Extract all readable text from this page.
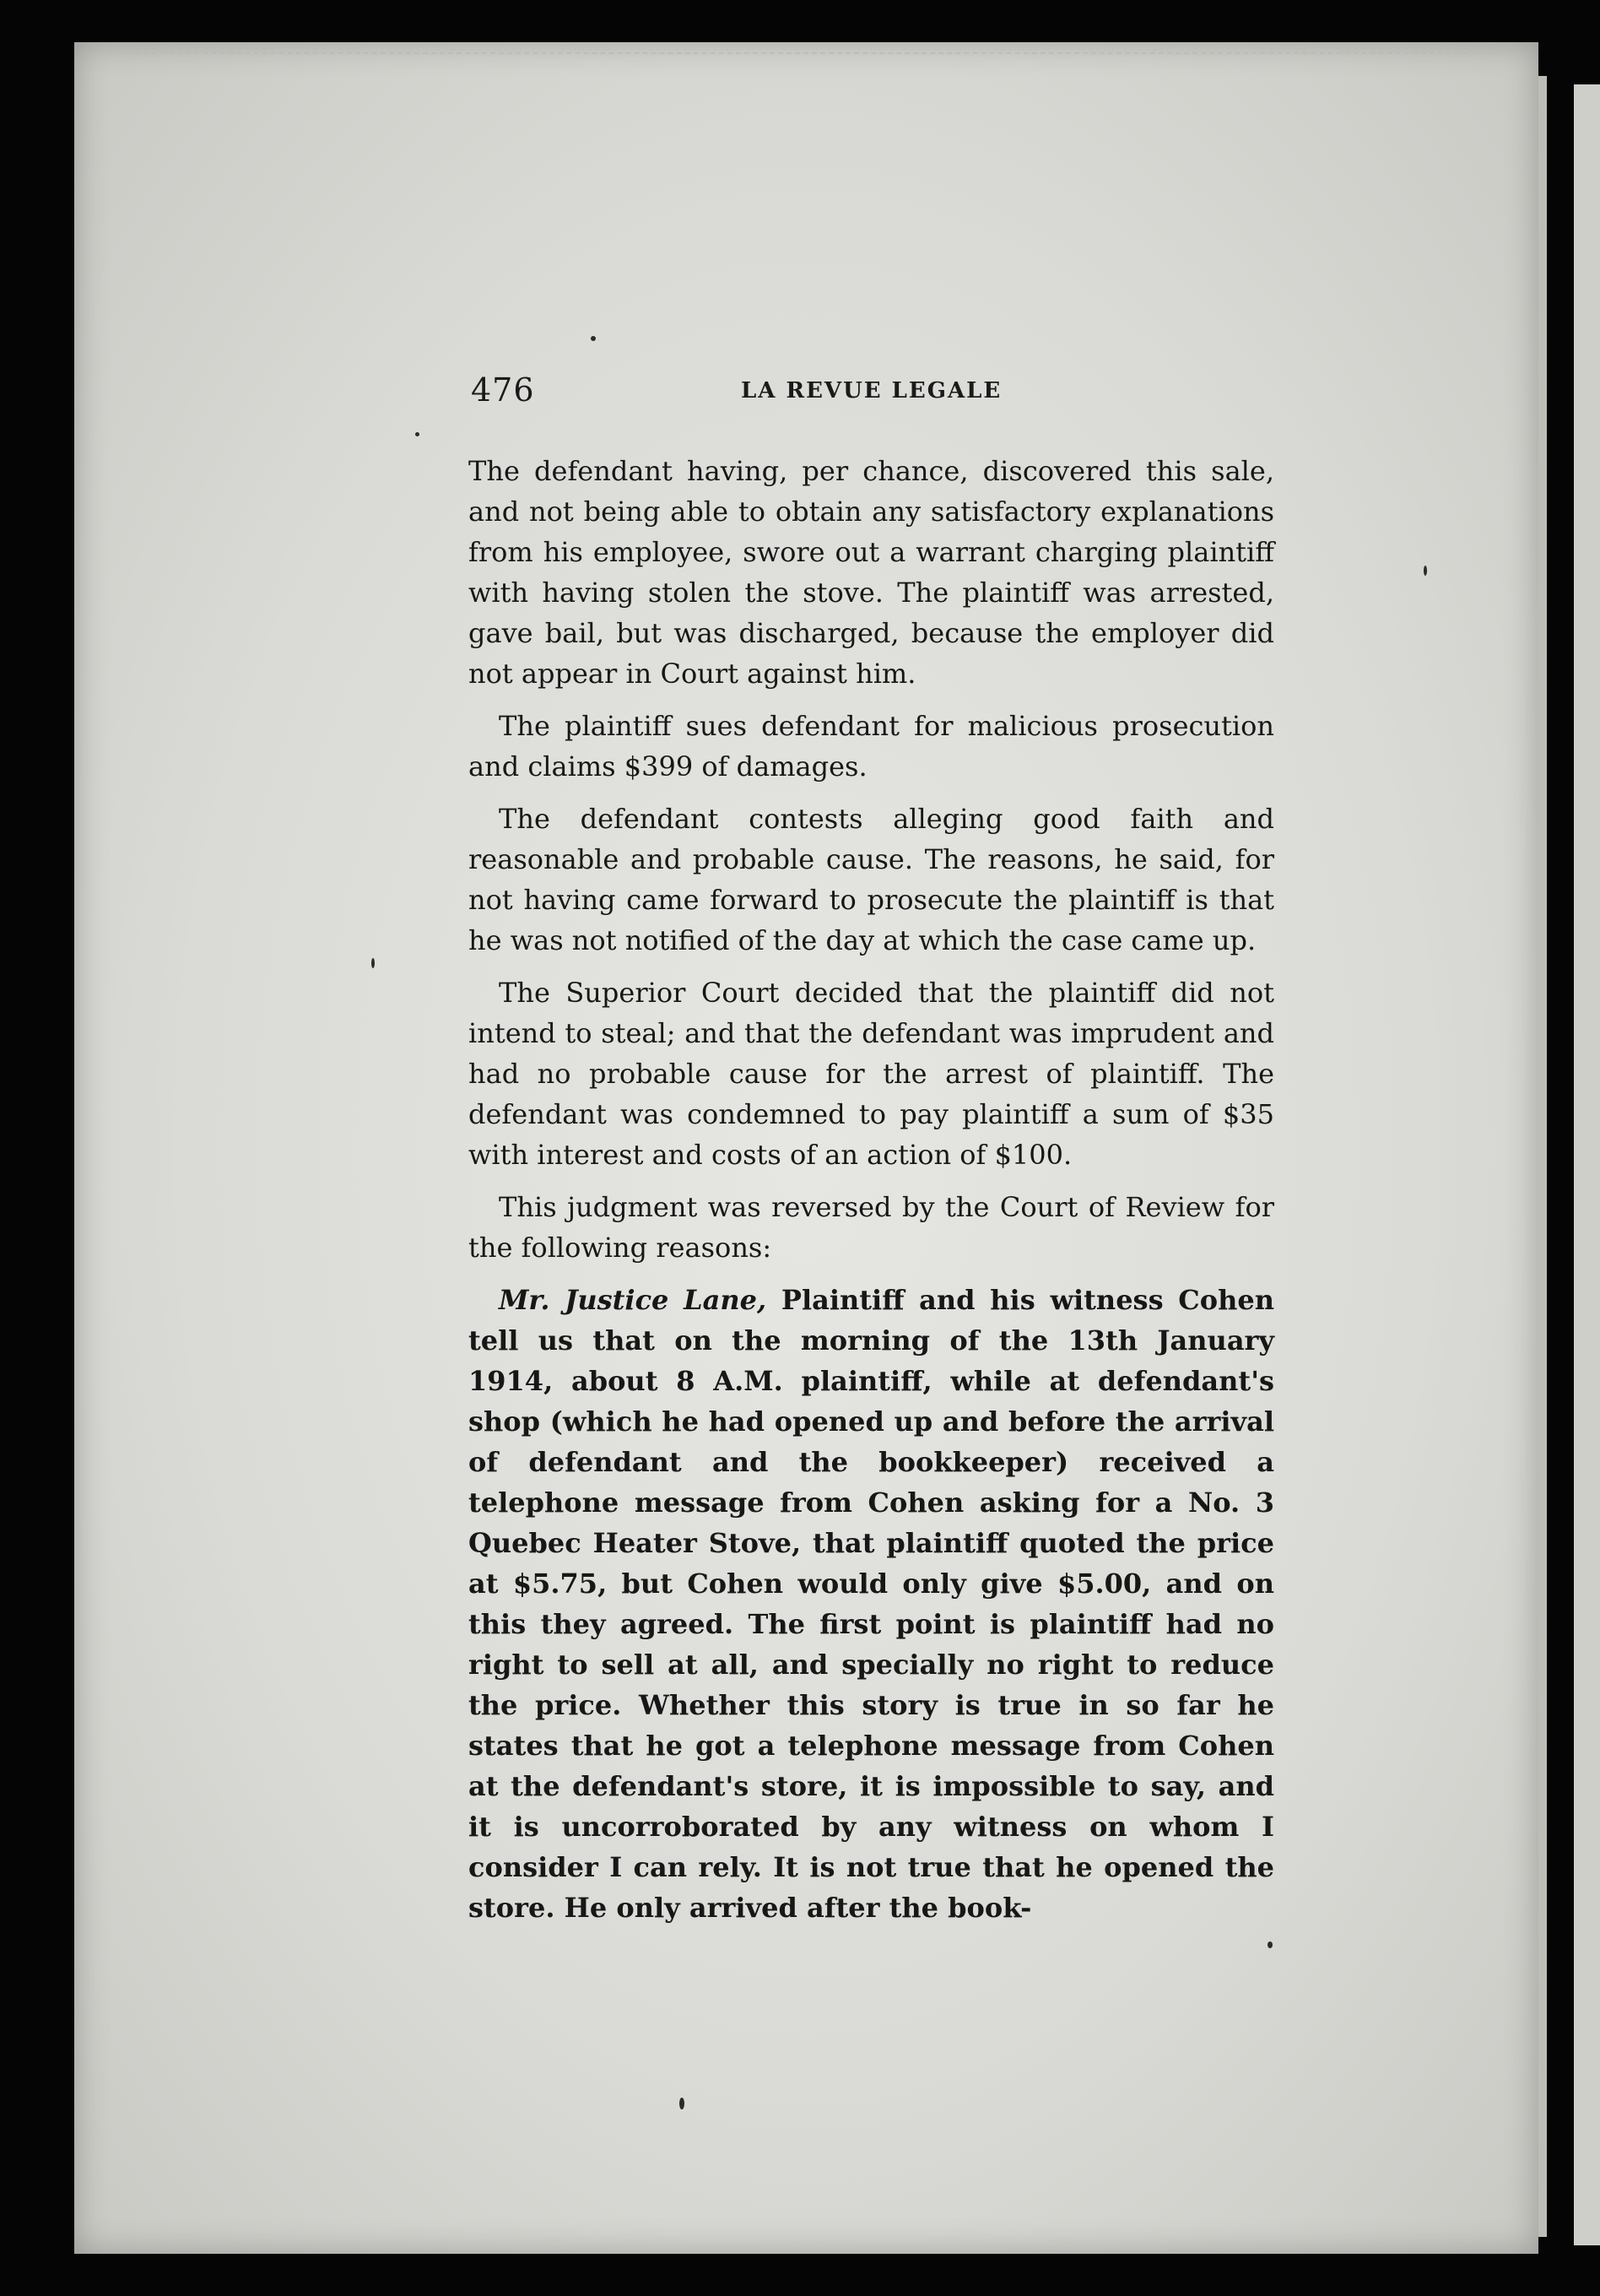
476	LA REVUE LEGALE

The defendant having, per chance, discovered this sale, and not being able to obtain any satisfactory explanations from his employee, swore out a warrant charging plaintiff with having stolen the stove. The plaintiff was arrested, gave bail, but was discharged, because the employer did not appear in Court against him.

The plaintiff sues defendant for malicious prosecution and claims $399 of damages.

The defendant contests alleging good faith and reasonable and probable cause. The reasons, he said, for not having came forward to prosecute the plaintiff is that he was not notified of the day at which the case came up.

The Superior Court decided that the plaintiff did not intend to steal; and that the defendant was imprudent and had no probable cause for the arrest of plaintiff. The defendant was condemned to pay plaintiff a sum of $35 with interest and costs of an action of $100.

This judgment was reversed by the Court of Review for the following reasons:

Mr. Justice Lane, Plaintiff and his witness Cohen tell us that on the morning of the 13th January 1914, about 8 A.M. plaintiff, while at defendant's shop (which he had opened up and before the arrival of defendant and the bookkeeper) received a telephone message from Cohen asking for a No. 3 Quebec Heater Stove, that plaintiff quoted the price at $5.75, but Cohen would only give $5.00, and on this they agreed. The first point is plaintiff had no right to sell at all, and specially no right to reduce the price. Whether this story is true in so far he states that he got a telephone message from Cohen at the defendant's store, it is impossible to say, and it is uncorroborated by any witness on whom I consider I can rely. It is not true that he opened the store. He only arrived after the book-
